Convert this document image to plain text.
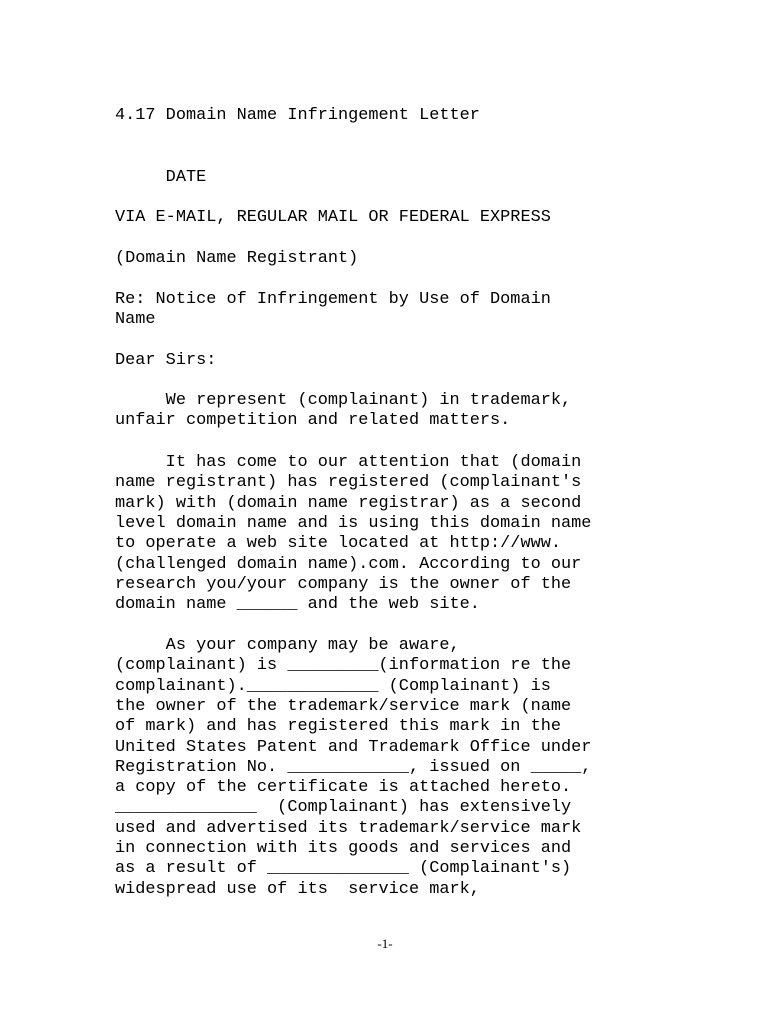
4.17 Domain Name Infringement Letter

DATE

VIA E-MAIL, REGULAR MAIL OR FEDERAL EXPRESS

(Domain Name Registrant)

Re: Notice of Infringement by Use of Domain

Name

Dear Sirs:

We represent (complainant) in trademark,

unfair competition and related matters.

It has come to our attention that (domain

name registrant) has registered (complainant's

mark) with (domain name registrar) as a second

level domain name and is using this domain name

to operate a web site located at http://www.

(challenged domain name).com. According to our

research you/your company is the owner of the

domain name ______ and the web site.

As your company may be aware,

(complainant) is _________(information re the

complainant)._____________ (Complainant) is

the owner of the trademark/service mark (name

of mark) and has registered this mark in the

United States Patent and Trademark Office under

Registration No. ____________, issued on _____,

a copy of the certificate is attached hereto.

______________  (Complainant) has extensively

used and advertised its trademark/service mark

in connection with its goods and services and

as a result of ______________ (Complainant's)

widespread use of its  service mark,

-1-
